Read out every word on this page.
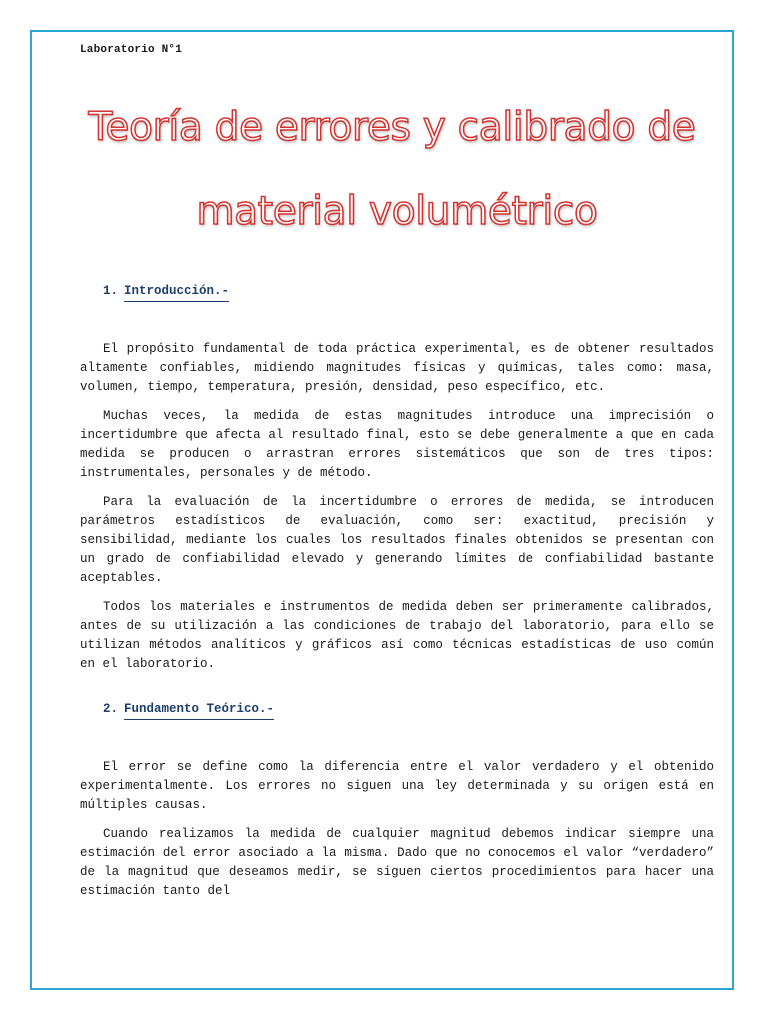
Laboratorio N°1

Teoría de errores y calibrado de

material volumétrico

1. Introducción.-

El propósito fundamental de toda práctica experimental, es de obtener resultados altamente confiables, midiendo magnitudes físicas y químicas, tales como: masa, volumen, tiempo, temperatura, presión, densidad, peso específico, etc.

Muchas veces, la medida de estas magnitudes introduce una imprecisión o incertidumbre que afecta al resultado final, esto se debe generalmente a que en cada medida se producen o arrastran errores sistemáticos que son de tres tipos: instrumentales, personales y de método.

Para la evaluación de la incertidumbre o errores de medida, se introducen parámetros estadísticos de evaluación, como ser: exactitud, precisión y sensibilidad, mediante los cuales los resultados finales obtenidos se presentan con un grado de confiabilidad elevado y generando límites de confiabilidad bastante aceptables.

Todos los materiales e instrumentos de medida deben ser primeramente calibrados, antes de su utilización a las condiciones de trabajo del laboratorio, para ello se utilizan métodos analíticos y gráficos así como técnicas estadísticas de uso común en el laboratorio.

2. Fundamento Teórico.-

El error se define como la diferencia entre el valor verdadero y el obtenido experimentalmente. Los errores no siguen una ley determinada y su origen está en múltiples causas.

Cuando realizamos la medida de cualquier magnitud debemos indicar siempre una estimación del error asociado a la misma. Dado que no conocemos el valor “verdadero” de la magnitud que deseamos medir, se siguen ciertos procedimientos para hacer una estimación tanto del
